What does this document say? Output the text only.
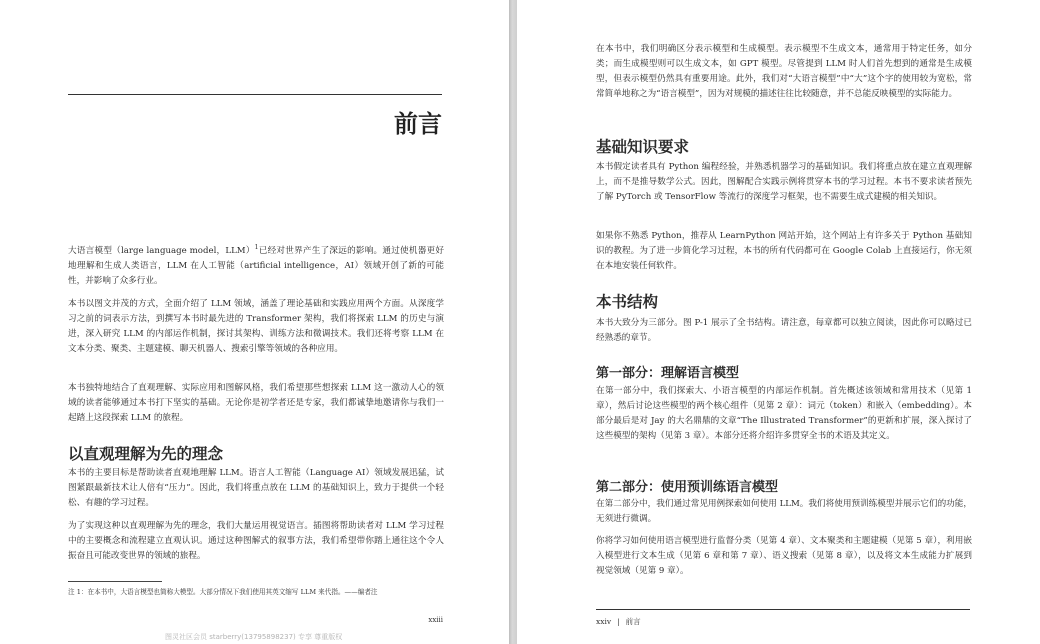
前言

大语言模型（large language model，LLM）$^1$已经对世界产生了深远的影响。通过使机器更好地理解和生成人类语言，LLM 在人工智能（artificial intelligence，AI）领域开创了新的可能性，并影响了众多行业。

本书以图文并茂的方式，全面介绍了 LLM 领域，涵盖了理论基础和实践应用两个方面。从深度学习之前的词表示方法，到撰写本书时最先进的 Transformer 架构，我们将探索 LLM 的历史与演进，深入研究 LLM 的内部运作机制，探讨其架构、训练方法和微调技术。我们还将考察 LLM 在文本分类、聚类、主题建模、聊天机器人、搜索引擎等领域的各种应用。

本书独特地结合了直观理解、实际应用和图解风格，我们希望那些想探索 LLM 这一激动人心的领域的读者能够通过本书打下坚实的基础。无论你是初学者还是专家，我们都诚挚地邀请你与我们一起踏上这段探索 LLM 的旅程。

以直观理解为先的理念

本书的主要目标是帮助读者直观地理解 LLM。语言人工智能（Language AI）领域发展迅猛，试图紧跟最新技术让人倍有“压力”。因此，我们将重点放在 LLM 的基础知识上，致力于提供一个轻松、有趣的学习过程。

为了实现这种以直观理解为先的理念，我们大量运用视觉语言。插图将帮助读者对 LLM 学习过程中的主要概念和流程建立直观认识。通过这种图解式的叙事方法，我们希望带你踏上通往这个令人振奋且可能改变世界的领域的旅程。

注 1：在本书中，大语言模型也简称大模型。大部分情况下我们使用其英文缩写 LLM 来代指。——编者注

xxiii

图灵社区会员 starberry(13795898237) 专享 尊重版权

在本书中，我们明确区分表示模型和生成模型。表示模型不生成文本，通常用于特定任务，如分类；而生成模型则可以生成文本，如 GPT 模型。尽管提到 LLM 时人们首先想到的通常是生成模型，但表示模型仍然具有重要用途。此外，我们对“大语言模型”中“大”这个字的使用较为宽松，常常简单地称之为“语言模型”，因为对规模的描述往往比较随意，并不总能反映模型的实际能力。

基础知识要求

本书假定读者具有 Python 编程经验，并熟悉机器学习的基础知识。我们将重点放在建立直观理解上，而不是推导数学公式。因此，图解配合实践示例将贯穿本书的学习过程。本书不要求读者预先了解 PyTorch 或 TensorFlow 等流行的深度学习框架，也不需要生成式建模的相关知识。

如果你不熟悉 Python，推荐从 LearnPython 网站开始，这个网站上有许多关于 Python 基础知识的教程。为了进一步简化学习过程，本书的所有代码都可在 Google Colab 上直接运行，你无须在本地安装任何软件。

本书结构

本书大致分为三部分。图 P-1 展示了全书结构。请注意，每章都可以独立阅读，因此你可以略过已经熟悉的章节。

第一部分：理解语言模型

在第一部分中，我们探索大、小语言模型的内部运作机制。首先概述该领域和常用技术（见第 1 章），然后讨论这些模型的两个核心组件（见第 2 章）：词元（token）和嵌入（embedding）。本部分最后是对 Jay 的大名鼎鼎的文章“The Illustrated Transformer”的更新和扩展，深入探讨了这些模型的架构（见第 3 章）。本部分还将介绍许多贯穿全书的术语及其定义。

第二部分：使用预训练语言模型

在第二部分中，我们通过常见用例探索如何使用 LLM。我们将使用预训练模型并展示它们的功能，无须进行微调。

你将学习如何使用语言模型进行监督分类（见第 4 章）、文本聚类和主题建模（见第 5 章），利用嵌入模型进行文本生成（见第 6 章和第 7 章）、语义搜索（见第 8 章），以及将文本生成能力扩展到视觉领域（见第 9 章）。

xxiv | 前言
